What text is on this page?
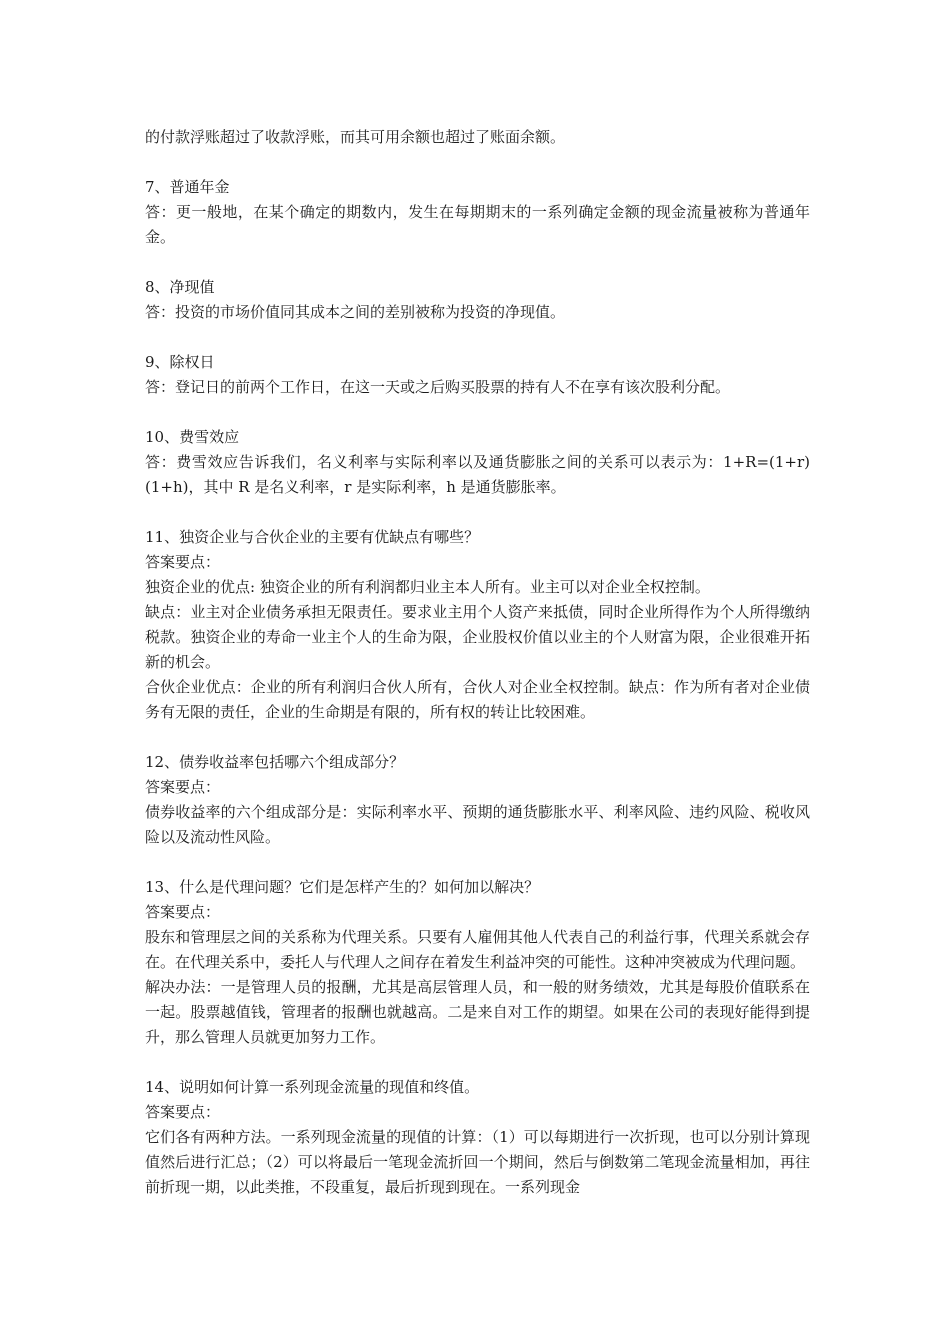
的付款浮账超过了收款浮账，而其可用余额也超过了账面余额。

7、普通年金

答：更一般地，在某个确定的期数内，发生在每期期末的一系列确定金额的现金流量被称为普通年金。

8、净现值

答：投资的市场价值同其成本之间的差别被称为投资的净现值。

9、除权日

答：登记日的前两个工作日，在这一天或之后购买股票的持有人不在享有该次股利分配。

10、费雪效应

答：费雪效应告诉我们，名义利率与实际利率以及通货膨胀之间的关系可以表示为：1+R=(1+r)(1+h)，其中 R 是名义利率，r 是实际利率，h 是通货膨胀率。

11、独资企业与合伙企业的主要有优缺点有哪些？

答案要点：

独资企业的优点: 独资企业的所有利润都归业主本人所有。业主可以对企业全权控制。

缺点：业主对企业债务承担无限责任。要求业主用个人资产来抵债，同时企业所得作为个人所得缴纳税款。独资企业的寿命一业主个人的生命为限，企业股权价值以业主的个人财富为限，企业很难开拓新的机会。

合伙企业优点：企业的所有利润归合伙人所有，合伙人对企业全权控制。缺点：作为所有者对企业债务有无限的责任，企业的生命期是有限的，所有权的转让比较困难。

12、债券收益率包括哪六个组成部分？

答案要点：

债券收益率的六个组成部分是：实际利率水平、预期的通货膨胀水平、利率风险、违约风险、税收风险以及流动性风险。

13、什么是代理问题？它们是怎样产生的？如何加以解决？

答案要点：

股东和管理层之间的关系称为代理关系。只要有人雇佣其他人代表自己的利益行事，代理关系就会存在。在代理关系中，委托人与代理人之间存在着发生利益冲突的可能性。这种冲突被成为代理问题。

解决办法：一是管理人员的报酬，尤其是高层管理人员，和一般的财务绩效，尤其是每股价值联系在一起。股票越值钱，管理者的报酬也就越高。二是来自对工作的期望。如果在公司的表现好能得到提升，那么管理人员就更加努力工作。

14、说明如何计算一系列现金流量的现值和终值。

答案要点：

它们各有两种方法。一系列现金流量的现值的计算：（1）可以每期进行一次折现，也可以分别计算现值然后进行汇总；（2）可以将最后一笔现金流折回一个期间，然后与倒数第二笔现金流量相加，再往前折现一期，以此类推，不段重复，最后折现到现在。一系列现金
